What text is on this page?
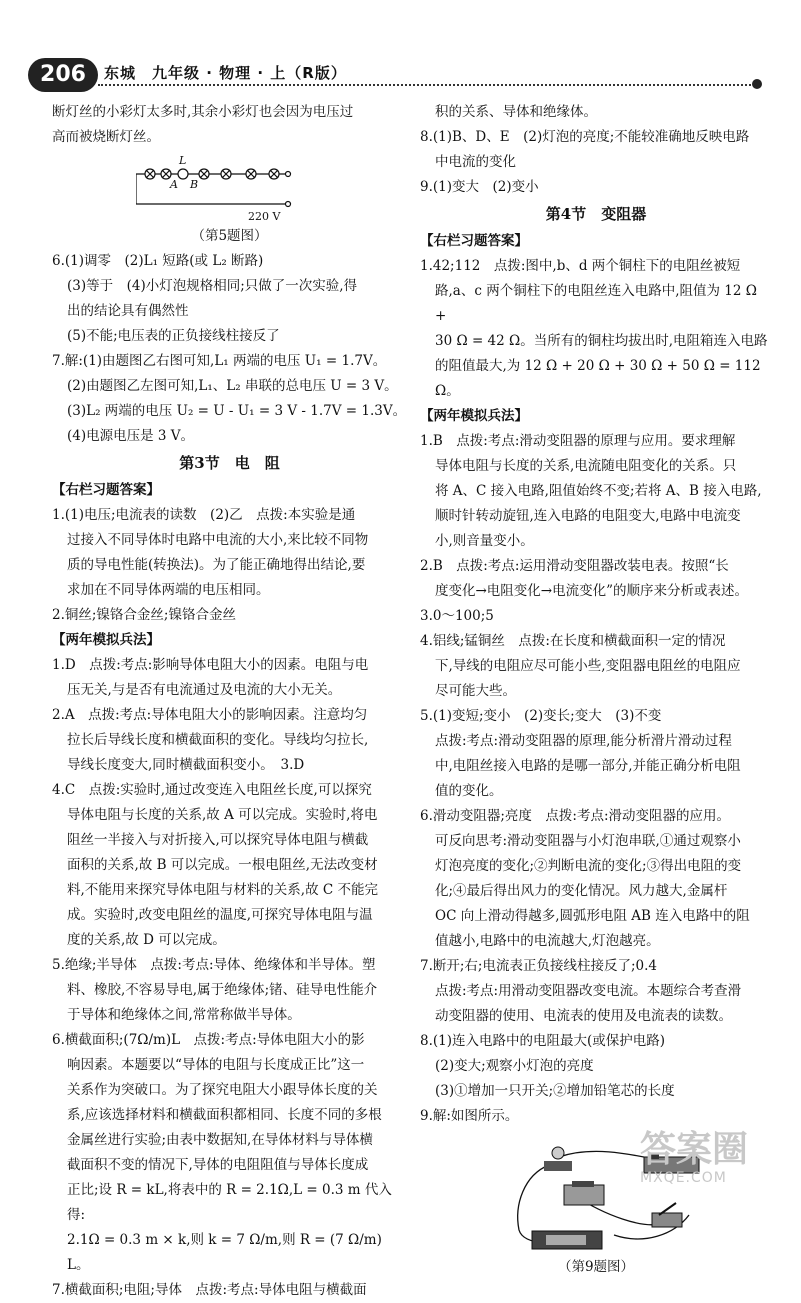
206	东城　九年级 · 物理 · 上（R版）
断灯丝的小彩灯太多时,其余小彩灯也会因为电压过
高而被烧断灯丝。
L
A B
220 V
（第5题图）
6.(1)调零　(2)L₁ 短路(或 L₂ 断路)
(3)等于　(4)小灯泡规格相同;只做了一次实验,得
出的结论具有偶然性
(5)不能;电压表的正负接线柱接反了
7.解:(1)由题图乙右图可知,L₁ 两端的电压 U₁ = 1.7V。
(2)由题图乙左图可知,L₁、L₂ 串联的总电压 U = 3 V。
(3)L₂ 两端的电压 U₂ = U - U₁ = 3 V - 1.7V = 1.3V。
(4)电源电压是 3 V。
第3节　电　阻
【右栏习题答案】
1.(1)电压;电流表的读数　(2)乙　点拨:本实验是通
过接入不同导体时电路中电流的大小,来比较不同物
质的导电性能(转换法)。为了能正确地得出结论,要
求加在不同导体两端的电压相同。
2.铜丝;镍铬合金丝;镍铬合金丝
【两年模拟兵法】
1.D　点拨:考点:影响导体电阻大小的因素。电阻与电
压无关,与是否有电流通过及电流的大小无关。
2.A　点拨:考点:导体电阻大小的影响因素。注意均匀
拉长后导线长度和横截面积的变化。导线均匀拉长,
导线长度变大,同时横截面积变小。　3.D
4.C　点拨:实验时,通过改变连入电阻丝长度,可以探究
导体电阻与长度的关系,故 A 可以完成。实验时,将电
阻丝一半接入与对折接入,可以探究导体电阻与横截
面积的关系,故 B 可以完成。一根电阻丝,无法改变材
料,不能用来探究导体电阻与材料的关系,故 C 不能完
成。实验时,改变电阻丝的温度,可探究导体电阻与温
度的关系,故 D 可以完成。
5.绝缘;半导体　点拨:考点:导体、绝缘体和半导体。塑
料、橡胶,不容易导电,属于绝缘体;锗、硅导电性能介
于导体和绝缘体之间,常常称做半导体。
6.横截面积;(7Ω/m)L　点拨:考点:导体电阻大小的影
响因素。本题要以“导体的电阻与长度成正比”这一
关系作为突破口。为了探究电阻大小跟导体长度的关
系,应该选择材料和横截面积都相同、长度不同的多根
金属丝进行实验;由表中数据知,在导体材料与导体横
截面积不变的情况下,导体的电阻阻值与导体长度成
正比;设 R = kL,将表中的 R = 2.1Ω,L = 0.3 m 代入得:
2.1Ω = 0.3 m × k,则 k = 7 Ω/m,则 R = (7 Ω/m) L。
7.横截面积;电阻;导体　点拨:考点:导体电阻与横截面
积的关系、导体和绝缘体。
8.(1)B、D、E　(2)灯泡的亮度;不能较准确地反映电路
中电流的变化
9.(1)变大　(2)变小
第4节　变阻器
【右栏习题答案】
1.42;112　点拨:图中,b、d 两个铜柱下的电阻丝被短
路,a、c 两个铜柱下的电阻丝连入电路中,阻值为 12 Ω +
30 Ω = 42 Ω。当所有的铜柱均拔出时,电阻箱连入电路
的阻值最大,为 12 Ω + 20 Ω + 30 Ω + 50 Ω = 112 Ω。
【两年模拟兵法】
1.B　点拨:考点:滑动变阻器的原理与应用。要求理解
导体电阻与长度的关系,电流随电阻变化的关系。只
将 A、C 接入电路,阻值始终不变;若将 A、B 接入电路,
顺时针转动旋钮,连入电路的电阻变大,电路中电流变
小,则音量变小。
2.B　点拨:考点:运用滑动变阻器改装电表。按照“长
度变化→电阻变化→电流变化”的顺序来分析或表述。
3.0～100;5
4.铝线;锰铜丝　点拨:在长度和横截面积一定的情况
下,导线的电阻应尽可能小些,变阻器电阻丝的电阻应
尽可能大些。
5.(1)变短;变小　(2)变长;变大　(3)不变
点拨:考点:滑动变阻器的原理,能分析滑片滑动过程
中,电阻丝接入电路的是哪一部分,并能正确分析电阻
值的变化。
6.滑动变阻器;亮度　点拨:考点:滑动变阻器的应用。
可反向思考:滑动变阻器与小灯泡串联,①通过观察小
灯泡亮度的变化;②判断电流的变化;③得出电阻的变
化;④最后得出风力的变化情况。风力越大,金属杆
OC 向上滑动得越多,圆弧形电阻 AB 连入电路中的阻
值越小,电路中的电流越大,灯泡越亮。
7.断开;右;电流表正负接线柱接反了;0.4
点拨:考点:用滑动变阻器改变电流。本题综合考查滑
动变阻器的使用、电流表的使用及电流表的读数。
8.(1)连入电路中的电阻最大(或保护电路)
(2)变大;观察小灯泡的亮度
(3)①增加一只开关;②增加铅笔芯的长度
9.解:如图所示。
（第9题图）
答案圈
MXQE.COM
